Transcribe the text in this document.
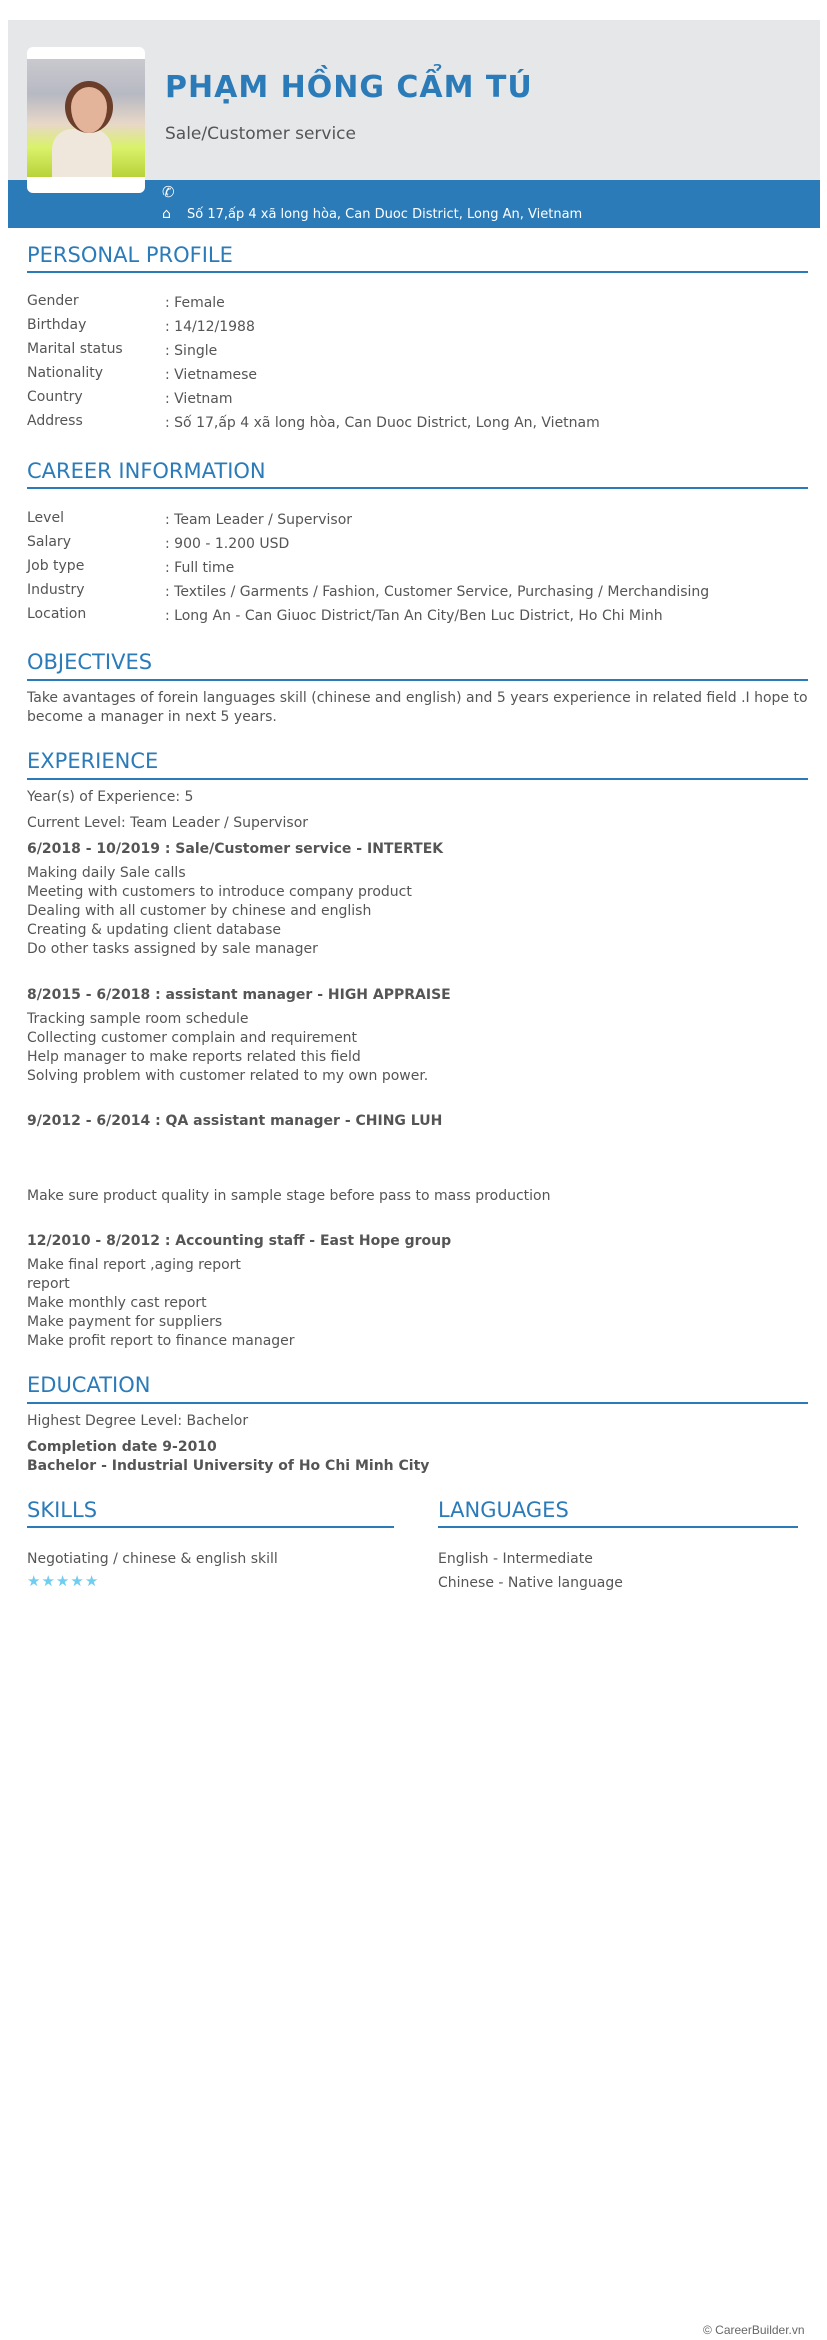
PHẠM HỒNG CẨM TÚ
Sale/Customer service
✆
⌂ Số 17,ấp 4 xã long hòa, Can Duoc District, Long An, Vietnam
PERSONAL PROFILE
CAREER INFORMATION
OBJECTIVES
Take avantages of forein languages skill (chinese and english) and 5 years experience in related field .I hope to
become a manager in next 5 years.
EXPERIENCE
Year(s) of Experience: 5
Current Level: Team Leader / Supervisor
EDUCATION
Highest Degree Level: Bachelor
Completion date 9-2010
Bachelor - Industrial University of Ho Chi Minh City
SKILLS	LANGUAGES
Negotiating / chinese & english skill
★★★★★
English - Intermediate
Chinese - Native language
© CareerBuilder.vn
Gender	: Female
Birthday	: 14/12/1988
Marital status	: Single
Nationality	: Vietnamese
Country	: Vietnam
Address	: Số 17,ấp 4 xã long hòa, Can Duoc District, Long An, Vietnam
Level	: Team Leader / Supervisor
Salary	: 900 - 1.200 USD
Job type	: Full time
Industry	: Textiles / Garments / Fashion, Customer Service, Purchasing / Merchandising
Location	: Long An - Can Giuoc District/Tan An City/Ben Luc District, Ho Chi Minh
6/2018 - 10/2019 : Sale/Customer service - INTERTEK
Making daily Sale calls
Meeting with customers to introduce company product
Dealing with all customer by chinese and english
Creating & updating client database
Do other tasks assigned by sale manager
8/2015 - 6/2018 : assistant manager - HIGH APPRAISE
Tracking sample room schedule
Collecting customer complain and requirement
Help manager to make reports related this field
Solving problem with customer related to my own power.
9/2012 - 6/2014 : QA assistant manager - CHING LUH
Make sure product quality in sample stage before pass to mass production
12/2010 - 8/2012 : Accounting staff - East Hope group
Make final report ,aging report
report
Make monthly cast report
Make payment for suppliers
Make profit report to finance manager
